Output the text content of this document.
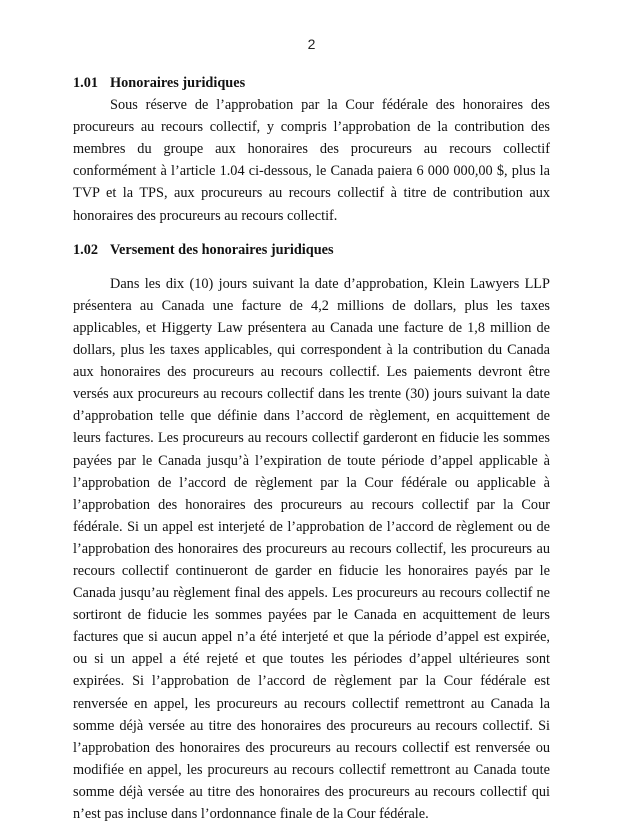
2
1.01 Honoraires juridiques

Sous réserve de l’approbation par la Cour fédérale des honoraires des procureurs au recours collectif, y compris l’approbation de la contribution des membres du groupe aux honoraires des procureurs au recours collectif conformément à l’article 1.04 ci-dessous, le Canada paiera 6 000 000,00 $, plus la TVP et la TPS, aux procureurs au recours collectif à titre de contribution aux honoraires des procureurs au recours collectif.

1.02 Versement des honoraires juridiques

Dans les dix (10) jours suivant la date d’approbation, Klein Lawyers LLP présentera au Canada une facture de 4,2 millions de dollars, plus les taxes applicables, et Higgerty Law présentera au Canada une facture de 1,8 million de dollars, plus les taxes applicables, qui correspondent à la contribution du Canada aux honoraires des procureurs au recours collectif. Les paiements devront être versés aux procureurs au recours collectif dans les trente (30) jours suivant la date d’approbation telle que définie dans l’accord de règlement, en acquittement de leurs factures. Les procureurs au recours collectif garderont en fiducie les sommes payées par le Canada jusqu’à l’expiration de toute période d’appel applicable à l’approbation de l’accord de règlement par la Cour fédérale ou applicable à l’approbation des honoraires des procureurs au recours collectif par la Cour fédérale. Si un appel est interjeté de l’approbation de l’accord de règlement ou de l’approbation des honoraires des procureurs au recours collectif, les procureurs au recours collectif continueront de garder en fiducie les honoraires payés par le Canada jusqu’au règlement final des appels. Les procureurs au recours collectif ne sortiront de fiducie les sommes payées par le Canada en acquittement de leurs factures que si aucun appel n’a été interjeté et que la période d’appel est expirée, ou si un appel a été rejeté et que toutes les périodes d’appel ultérieures sont expirées. Si l’approbation de l’accord de règlement par la Cour fédérale est renversée en appel, les procureurs au recours collectif remettront au Canada la somme déjà versée au titre des honoraires des procureurs au recours collectif. Si l’approbation des honoraires des procureurs au recours collectif est renversée ou modifiée en appel, les procureurs au recours collectif remettront au Canada toute somme déjà versée au titre des honoraires des procureurs au recours collectif qui n’est pas incluse dans l’ordonnance finale de la Cour fédérale.
